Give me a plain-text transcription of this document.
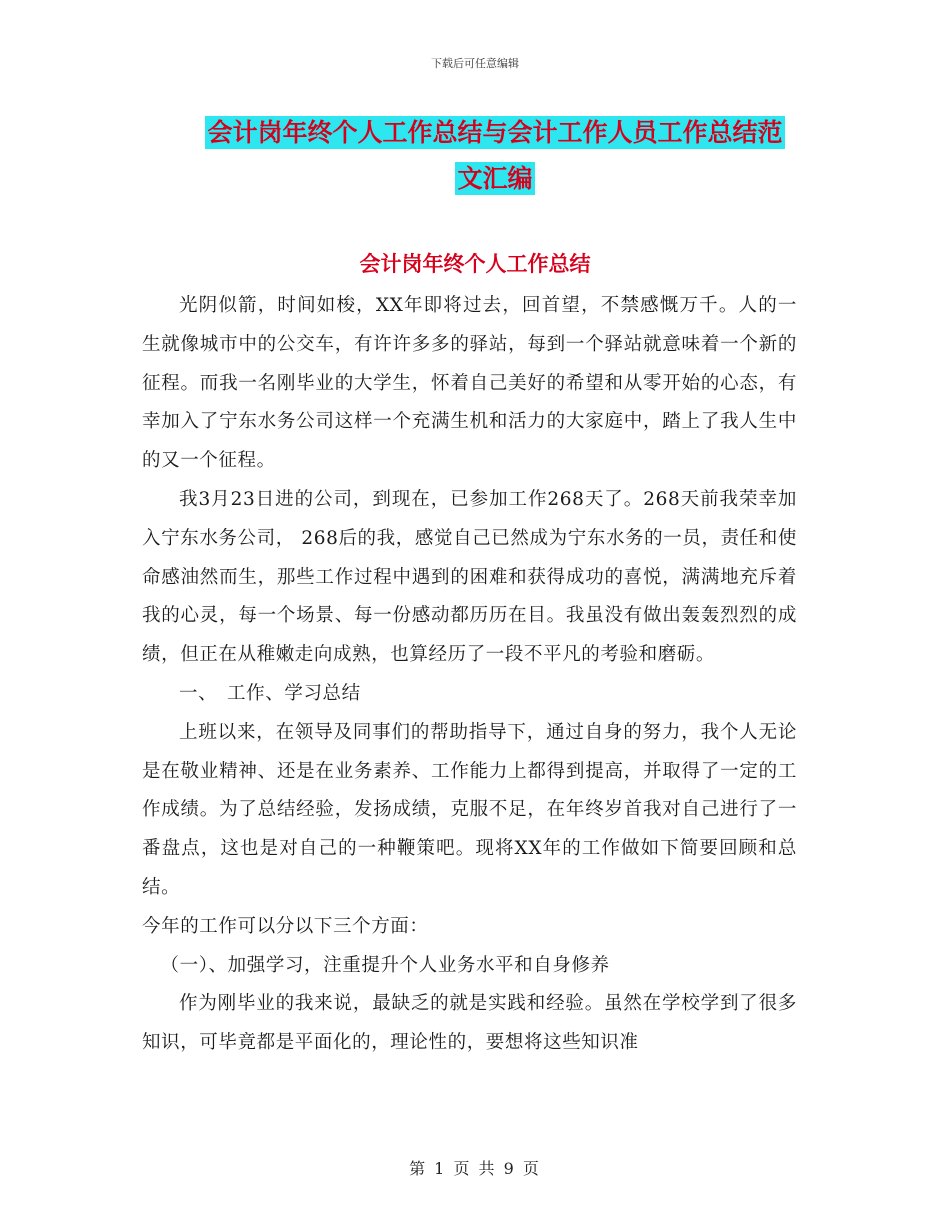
下载后可任意编辑
会计岗年终个人工作总结与会计工作人员工作总结范
文汇编
会计岗年终个人工作总结

光阴似箭，时间如梭，XX年即将过去，回首望，不禁感慨万千。人的一生就像城市中的公交车，有许许多多的驿站，每到一个驿站就意味着一个新的征程。而我一名刚毕业的大学生，怀着自己美好的希望和从零开始的心态，有幸加入了宁东水务公司这样一个充满生机和活力的大家庭中，踏上了我人生中的又一个征程。

我3月23日进的公司，到现在，已参加工作268天了。268天前我荣幸加入宁东水务公司， 268后的我，感觉自己已然成为宁东水务的一员，责任和使命感油然而生，那些工作过程中遇到的困难和获得成功的喜悦，满满地充斥着我的心灵，每一个场景、每一份感动都历历在目。我虽没有做出轰轰烈烈的成绩，但正在从稚嫩走向成熟，也算经历了一段不平凡的考验和磨砺。

一、　工作、学习总结

上班以来，在领导及同事们的帮助指导下，通过自身的努力，我个人无论是在敬业精神、还是在业务素养、工作能力上都得到提高，并取得了一定的工作成绩。为了总结经验，发扬成绩，克服不足，在年终岁首我对自己进行了一番盘点，这也是对自己的一种鞭策吧。现将XX年的工作做如下简要回顾和总结。

今年的工作可以分以下三个方面：

（一）、加强学习，注重提升个人业务水平和自身修养

作为刚毕业的我来说，最缺乏的就是实践和经验。虽然在学校学到了很多知识，可毕竟都是平面化的，理论性的，要想将这些知识准

第 1 页 共 9 页
